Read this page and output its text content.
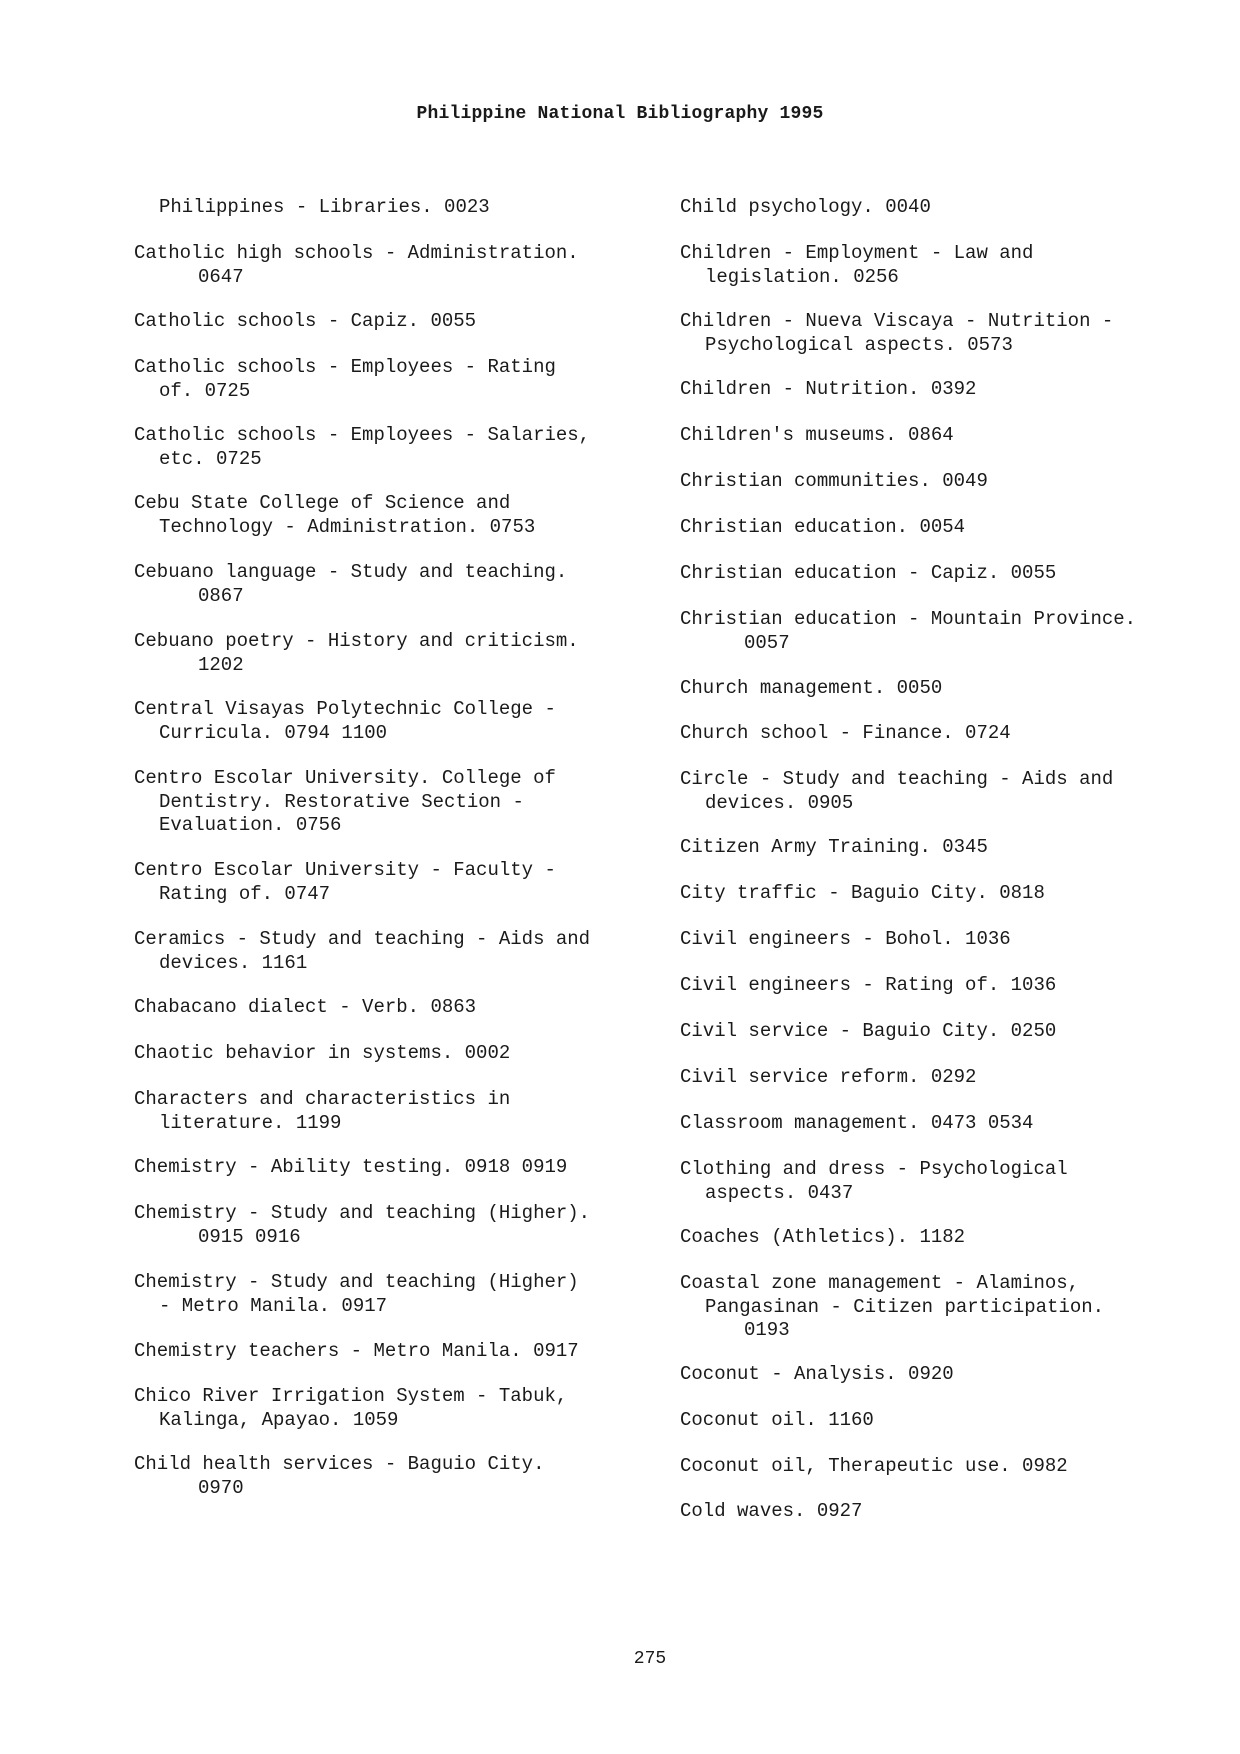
Philippine National Bibliography 1995

Philippines - Libraries. 0023

Catholic high schools - Administration.
0647

Catholic schools - Capiz. 0055

Catholic schools - Employees - Rating
of. 0725

Catholic schools - Employees - Salaries,
etc. 0725

Cebu State College of Science and
Technology - Administration. 0753

Cebuano language - Study and teaching.
0867

Cebuano poetry - History and criticism.
1202

Central Visayas Polytechnic College -
Curricula. 0794 1100

Centro Escolar University. College of
Dentistry. Restorative Section -
Evaluation. 0756

Centro Escolar University - Faculty -
Rating of. 0747

Ceramics - Study and teaching - Aids and
devices. 1161

Chabacano dialect - Verb. 0863

Chaotic behavior in systems. 0002

Characters and characteristics in
literature. 1199

Chemistry - Ability testing. 0918 0919

Chemistry - Study and teaching (Higher).
0915 0916

Chemistry - Study and teaching (Higher)
- Metro Manila. 0917

Chemistry teachers - Metro Manila. 0917

Chico River Irrigation System - Tabuk,
Kalinga, Apayao. 1059

Child health services - Baguio City.
0970

Child psychology. 0040

Children - Employment - Law and
legislation. 0256

Children - Nueva Viscaya - Nutrition -
Psychological aspects. 0573

Children - Nutrition. 0392

Children's museums. 0864

Christian communities. 0049

Christian education. 0054

Christian education - Capiz. 0055

Christian education - Mountain Province.
0057

Church management. 0050

Church school - Finance. 0724

Circle - Study and teaching - Aids and
devices. 0905

Citizen Army Training. 0345

City traffic - Baguio City. 0818

Civil engineers - Bohol. 1036

Civil engineers - Rating of. 1036

Civil service - Baguio City. 0250

Civil service reform. 0292

Classroom management. 0473 0534

Clothing and dress - Psychological
aspects. 0437

Coaches (Athletics). 1182

Coastal zone management - Alaminos,
Pangasinan - Citizen participation.
0193

Coconut - Analysis. 0920

Coconut oil. 1160

Coconut oil, Therapeutic use. 0982

Cold waves. 0927

275
